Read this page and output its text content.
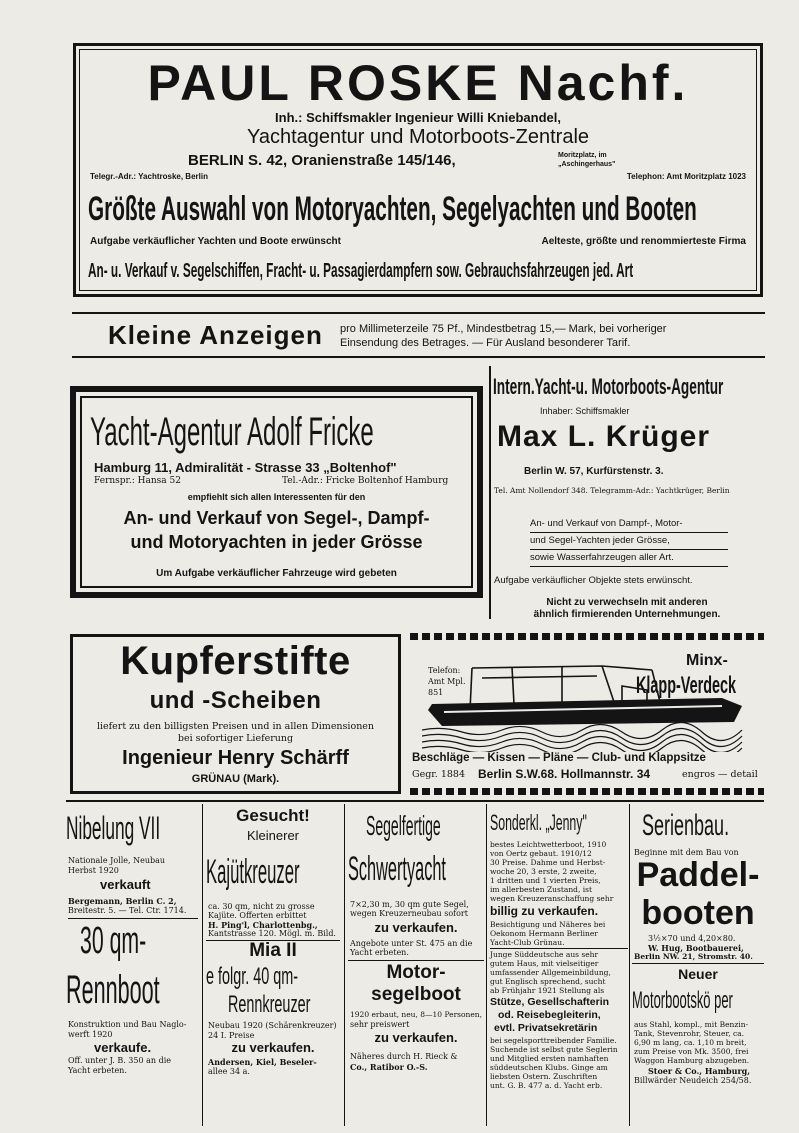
PAUL ROSKE Nachf.
Inh.: Schiffsmakler Ingenieur Willi Kniebandel,
Yachtagentur und Motorboots-Zentrale
BERLIN S. 42, Oranienstraße 145/146,	Moritzplatz, im
„Aschingerhaus"
Telegr.-Adr.: Yachtroske, Berlin	Telephon: Amt Moritzplatz 1023
Größte Auswahl von Motoryachten, Segelyachten und Booten
Aufgabe verkäuflicher Yachten und Boote erwünscht	Aelteste, größte und renommierteste Firma
An- u. Verkauf v. Segelschiffen, Fracht- u. Passagierdampfern sow. Gebrauchsfahrzeugen jed. Art
Kleine Anzeigen pro Millimeterzeile 75 Pf., Mindestbetrag 15,— Mark, bei vorheriger
Einsendung des Betrages. — Für Ausland besonderer Tarif.
Yacht-Agentur Adolf Fricke
Hamburg 11, Admiralität - Strasse 33 „Boltenhof"
Fernspr.: Hansa 52	Tel.-Adr.: Fricke Boltenhof Hamburg
empfiehlt sich allen Interessenten für den
An- und Verkauf von Segel-, Dampf-
und Motoryachten in jeder Grösse
Um Aufgabe verkäuflicher Fahrzeuge wird gebeten
Intern.Yacht-u. Motorboots-Agentur
Inhaber: Schiffsmakler
Max L. Krüger
Berlin W. 57, Kurfürstenstr. 3.
Tel. Amt Nollendorf 348. Telegramm-Adr.: Yachtkrüger, Berlin
An- und Verkauf von Dampf-, Motor-
und Segel-Yachten jeder Grösse,
sowie Wasserfahrzeugen aller Art.
Aufgabe verkäuflicher Objekte stets erwünscht.
Nicht zu verwechseln mit anderen
ähnlich firmierenden Unternehmungen.
Kupferstifte
und -Scheiben
liefert zu den billigsten Preisen und in allen Dimensionen
bei sofortiger Lieferung
Ingenieur Henry Schärff
GRÜNAU (Mark).
Telefon:
Amt Mpl.
851
Minx-
Klapp-Verdeck
Beschläge — Kissen — Pläne — Club- und Klappsitze
Gegr. 1884 Berlin S.W.68. Hollmannstr. 34	engros — detail
Nibelung VII
Nationale Jolle, Neubau
Herbst 1920
verkauft
Bergemann, Berlin C. 2,
Breitestr. 5. — Tel. Ctr. 1714.
30 qm-
Rennboot
Konstruktion und Bau Naglo-
werft 1920
verkaufe.
Off. unter J. B. 350 an die
Yacht erbeten.
Gesucht!
Kleinerer
Kajütkreuzer
ca. 30 qm, nicht zu grosse
Kajüte. Offerten erbittet
H. Ping'l, Charlottenbg.,
Kantstrasse 120. Mögl. m. Bild.
Mia II
e folgr. 40 qm-
Rennkreuzer
Neubau 1920 (Schärenkreuzer)
24 I. Preise
zu verkaufen.
Andersen, Kiel, Beseler-
allee 34 a.
Segelfertige
Schwertyacht
7×2,30 m, 30 qm gute Segel,
wegen Kreuzerneubau sofort
zu verkaufen.
Angebote unter St. 475 an die
Yacht erbeten.
Motor-
segelboot
1920 erbaut, neu, 8—10 Personen,
sehr preiswert
zu verkaufen.
Näheres durch H. Rieck &
Co., Ratibor O.-S.
Sonderkl. „Jenny"
bestes Leichtwetterboot, 1910
von Oertz gebaut. 1910/12
30 Preise. Dahme und Herbst-
woche 20, 3 erste, 2 zweite,
1 dritten und 1 vierten Preis,
im allerbesten Zustand, ist
wegen Kreuzeranschaffung sehr
billig zu verkaufen.
Besichtigung und Näheres bei
Oekonom Hermann Berliner
Yacht-Club Grünau.
Junge Süddeutsche aus sehr
gutem Haus, mit vielseitiger
umfassender Allgemeinbildung,
gut Englisch sprechend, sucht
ab Frühjahr 1921 Stellung als
Stütze, Gesellschafterin
od. Reisebegleiterin,
evtl. Privatsekretärin
bei segelsporttreibender Familie.
Suchende ist selbst gute Seglerin
und Mitglied ersten namhaften
süddeutschen Klubs. Ginge am
liebsten Ostern. Zuschriften
unt. G. B. 477 a. d. Yacht erb.
Serienbau.
Beginne mit dem Bau von
Paddel-
booten
3½×70 und 4,20×80.
W. Hug, Bootbauerei,
Berlin NW. 21, Stromstr. 40.
Neuer
Motorbootskö per
aus Stahl, kompl., mit Benzin-
Tank, Stevenrohr, Steuer, ca.
6,90 m lang, ca. 1,10 m breit,
zum Preise von Mk. 3500, frei
Waggon Hamburg abzugeben.
Stoer & Co., Hamburg,
Billwärder Neudeich 254/58.
